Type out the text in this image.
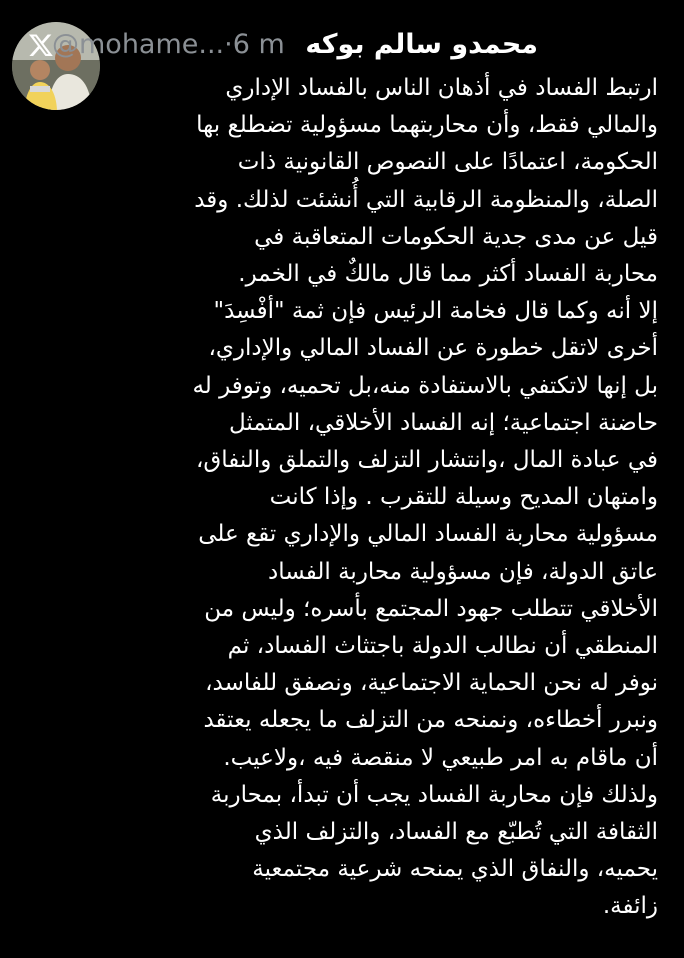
@mohame...·6 m محمدو سالم بوكه
ارتبط الفساد في أذهان الناس بالفساد الإداري
والمالي فقط، وأن محاربتهما مسؤولية تضطلع بها
الحكومة، اعتمادًا على النصوص القانونية ذات
الصلة، والمنظومة الرقابية التي أُنشئت لذلك. وقد
قيل عن مدى جدية الحكومات المتعاقبة في
محاربة الفساد أكثر مما قال مالكٌ في الخمر.
إلا أنه وكما قال فخامة الرئيس فإن ثمة "أفْسِدَ"
أخرى لاتقل خطورة عن الفساد المالي والإداري،
بل إنها لاتكتفي بالاستفادة منه،بل تحميه، وتوفر له
حاضنة اجتماعية؛ إنه الفساد الأخلاقي، المتمثل
في عبادة المال ،وانتشار التزلف والتملق والنفاق،
وامتهان المديح وسيلة للتقرب . وإذا كانت
مسؤولية محاربة الفساد المالي والإداري تقع على
عاتق الدولة، فإن مسؤولية محاربة الفساد
الأخلاقي تتطلب جهود المجتمع بأسره؛ وليس من
المنطقي أن نطالب الدولة باجتثاث الفساد، ثم
نوفر له نحن الحماية الاجتماعية، ونصفق للفاسد،
ونبرر أخطاءه، ونمنحه من التزلف ما يجعله يعتقد
أن ماقام به امر طبيعي لا منقصة فيه ،ولاعيب.
ولذلك فإن محاربة الفساد يجب أن تبدأ، بمحاربة
الثقافة التي تُطبّع مع الفساد، والتزلف الذي
يحميه، والنفاق الذي يمنحه شرعية مجتمعية
زائفة.
